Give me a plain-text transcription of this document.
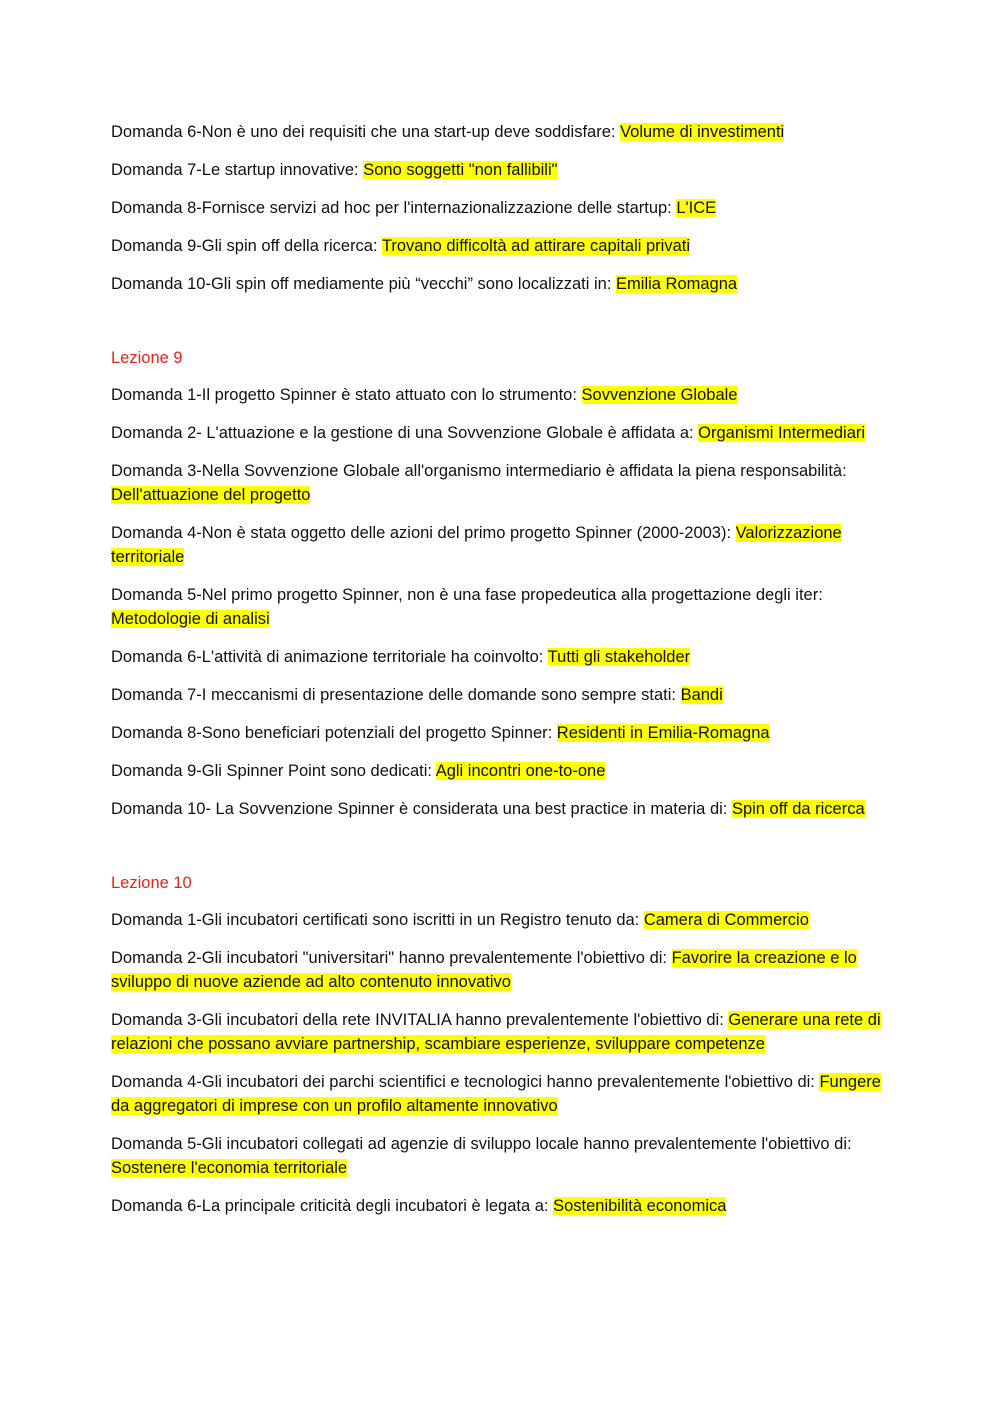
Domanda 6-Non è uno dei requisiti che una start-up deve soddisfare: Volume di investimenti

Domanda 7-Le startup innovative: Sono soggetti "non fallibili"

Domanda 8-Fornisce servizi ad hoc per l'internazionalizzazione delle startup: L'ICE

Domanda 9-Gli spin off della ricerca: Trovano difficoltà ad attirare capitali privati

Domanda 10-Gli spin off mediamente più “vecchi” sono localizzati in: Emilia Romagna

Lezione 9

Domanda 1-Il progetto Spinner è stato attuato con lo strumento: Sovvenzione Globale

Domanda 2- L'attuazione e la gestione di una Sovvenzione Globale è affidata a: Organismi Intermediari

Domanda 3-Nella Sovvenzione Globale all'organismo intermediario è affidata la piena responsabilità: Dell'attuazione del progetto

Domanda 4-Non è stata oggetto delle azioni del primo progetto Spinner (2000-2003): Valorizzazione territoriale

Domanda 5-Nel primo progetto Spinner, non è una fase propedeutica alla progettazione degli iter: Metodologie di analisi

Domanda 6-L'attività di animazione territoriale ha coinvolto: Tutti gli stakeholder

Domanda 7-I meccanismi di presentazione delle domande sono sempre stati: Bandi

Domanda 8-Sono beneficiari potenziali del progetto Spinner: Residenti in Emilia-Romagna

Domanda 9-Gli Spinner Point sono dedicati: Agli incontri one-to-one

Domanda 10- La Sovvenzione Spinner è considerata una best practice in materia di: Spin off da ricerca

Lezione 10

Domanda 1-Gli incubatori certificati sono iscritti in un Registro tenuto da: Camera di Commercio

Domanda 2-Gli incubatori "universitari" hanno prevalentemente l'obiettivo di: Favorire la creazione e lo sviluppo di nuove aziende ad alto contenuto innovativo

Domanda 3-Gli incubatori della rete INVITALIA hanno prevalentemente l'obiettivo di: Generare una rete di relazioni che possano avviare partnership, scambiare esperienze, sviluppare competenze

Domanda 4-Gli incubatori dei parchi scientifici e tecnologici hanno prevalentemente l'obiettivo di: Fungere da aggregatori di imprese con un profilo altamente innovativo

Domanda 5-Gli incubatori collegati ad agenzie di sviluppo locale hanno prevalentemente l'obiettivo di: Sostenere l'economia territoriale

Domanda 6-La principale criticità degli incubatori è legata a: Sostenibilità economica
